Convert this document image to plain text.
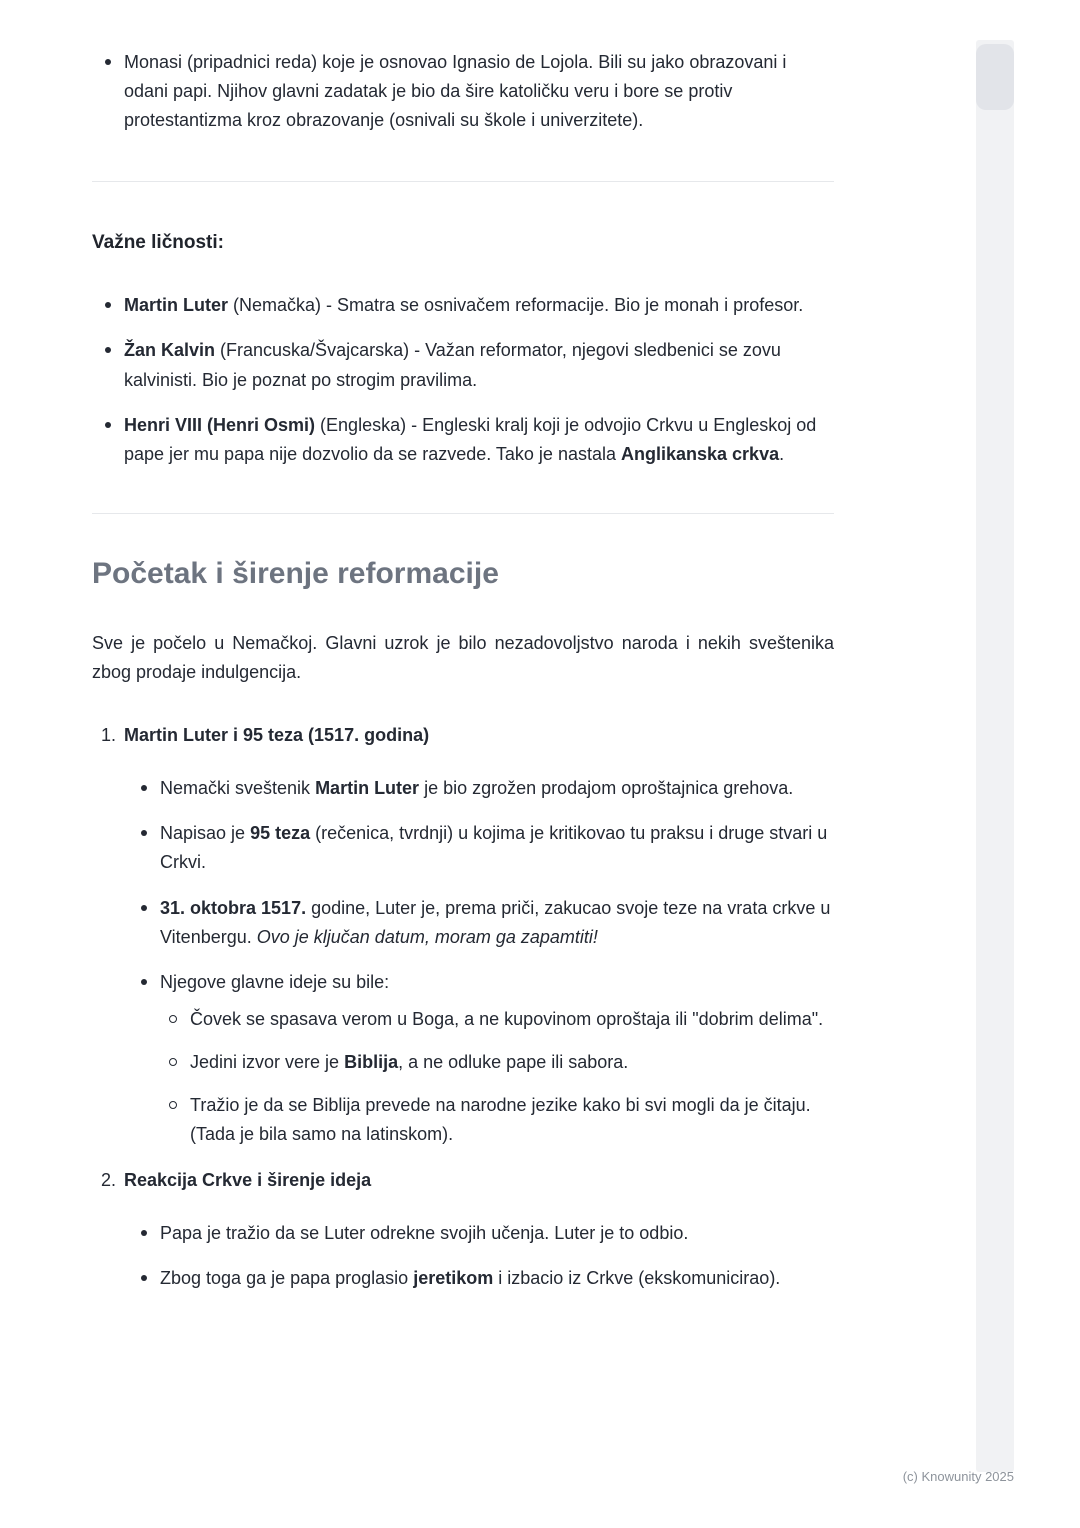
Monasi (pripadnici reda) koje je osnovao Ignasio de Lojola. Bili su jako obrazovani i odani papi. Njihov glavni zadatak je bio da šire katoličku veru i bore se protiv protestantizma kroz obrazovanje (osnivali su škole i univerzitete).
Važne ličnosti:
Martin Luter (Nemačka) - Smatra se osnivačem reformacije. Bio je monah i profesor.
Žan Kalvin (Francuska/Švajcarska) - Važan reformator, njegovi sledbenici se zovu kalvinisti. Bio je poznat po strogim pravilima.
Henri VIII (Henri Osmi) (Engleska) - Engleski kralj koji je odvojio Crkvu u Engleskoj od pape jer mu papa nije dozvolio da se razvede. Tako je nastala Anglikanska crkva.
Početak i širenje reformacije

Sve je počelo u Nemačkoj. Glavni uzrok je bilo nezadovoljstvo naroda i nekih sveštenika zbog prodaje indulgencija.

1. Martin Luter i 95 teza (1517. godina)
Nemački sveštenik Martin Luter je bio zgrožen prodajom oproštajnica grehova.
Napisao je 95 teza (rečenica, tvrdnji) u kojima je kritikovao tu praksu i druge stvari u Crkvi.
31. oktobra 1517. godine, Luter je, prema priči, zakucao svoje teze na vrata crkve u Vitenbergu. Ovo je ključan datum, moram ga zapamtiti!
Njegove glavne ideje su bile:
Čovek se spasava verom u Boga, a ne kupovinom oproštaja ili "dobrim delima".
Jedini izvor vere je Biblija, a ne odluke pape ili sabora.
Tražio je da se Biblija prevede na narodne jezike kako bi svi mogli da je čitaju. (Tada je bila samo na latinskom).
2. Reakcija Crkve i širenje ideja
Papa je tražio da se Luter odrekne svojih učenja. Luter je to odbio.
Zbog toga ga je papa proglasio jeretikom i izbacio iz Crkve (ekskomunicirao).
(c) Knowunity 2025
